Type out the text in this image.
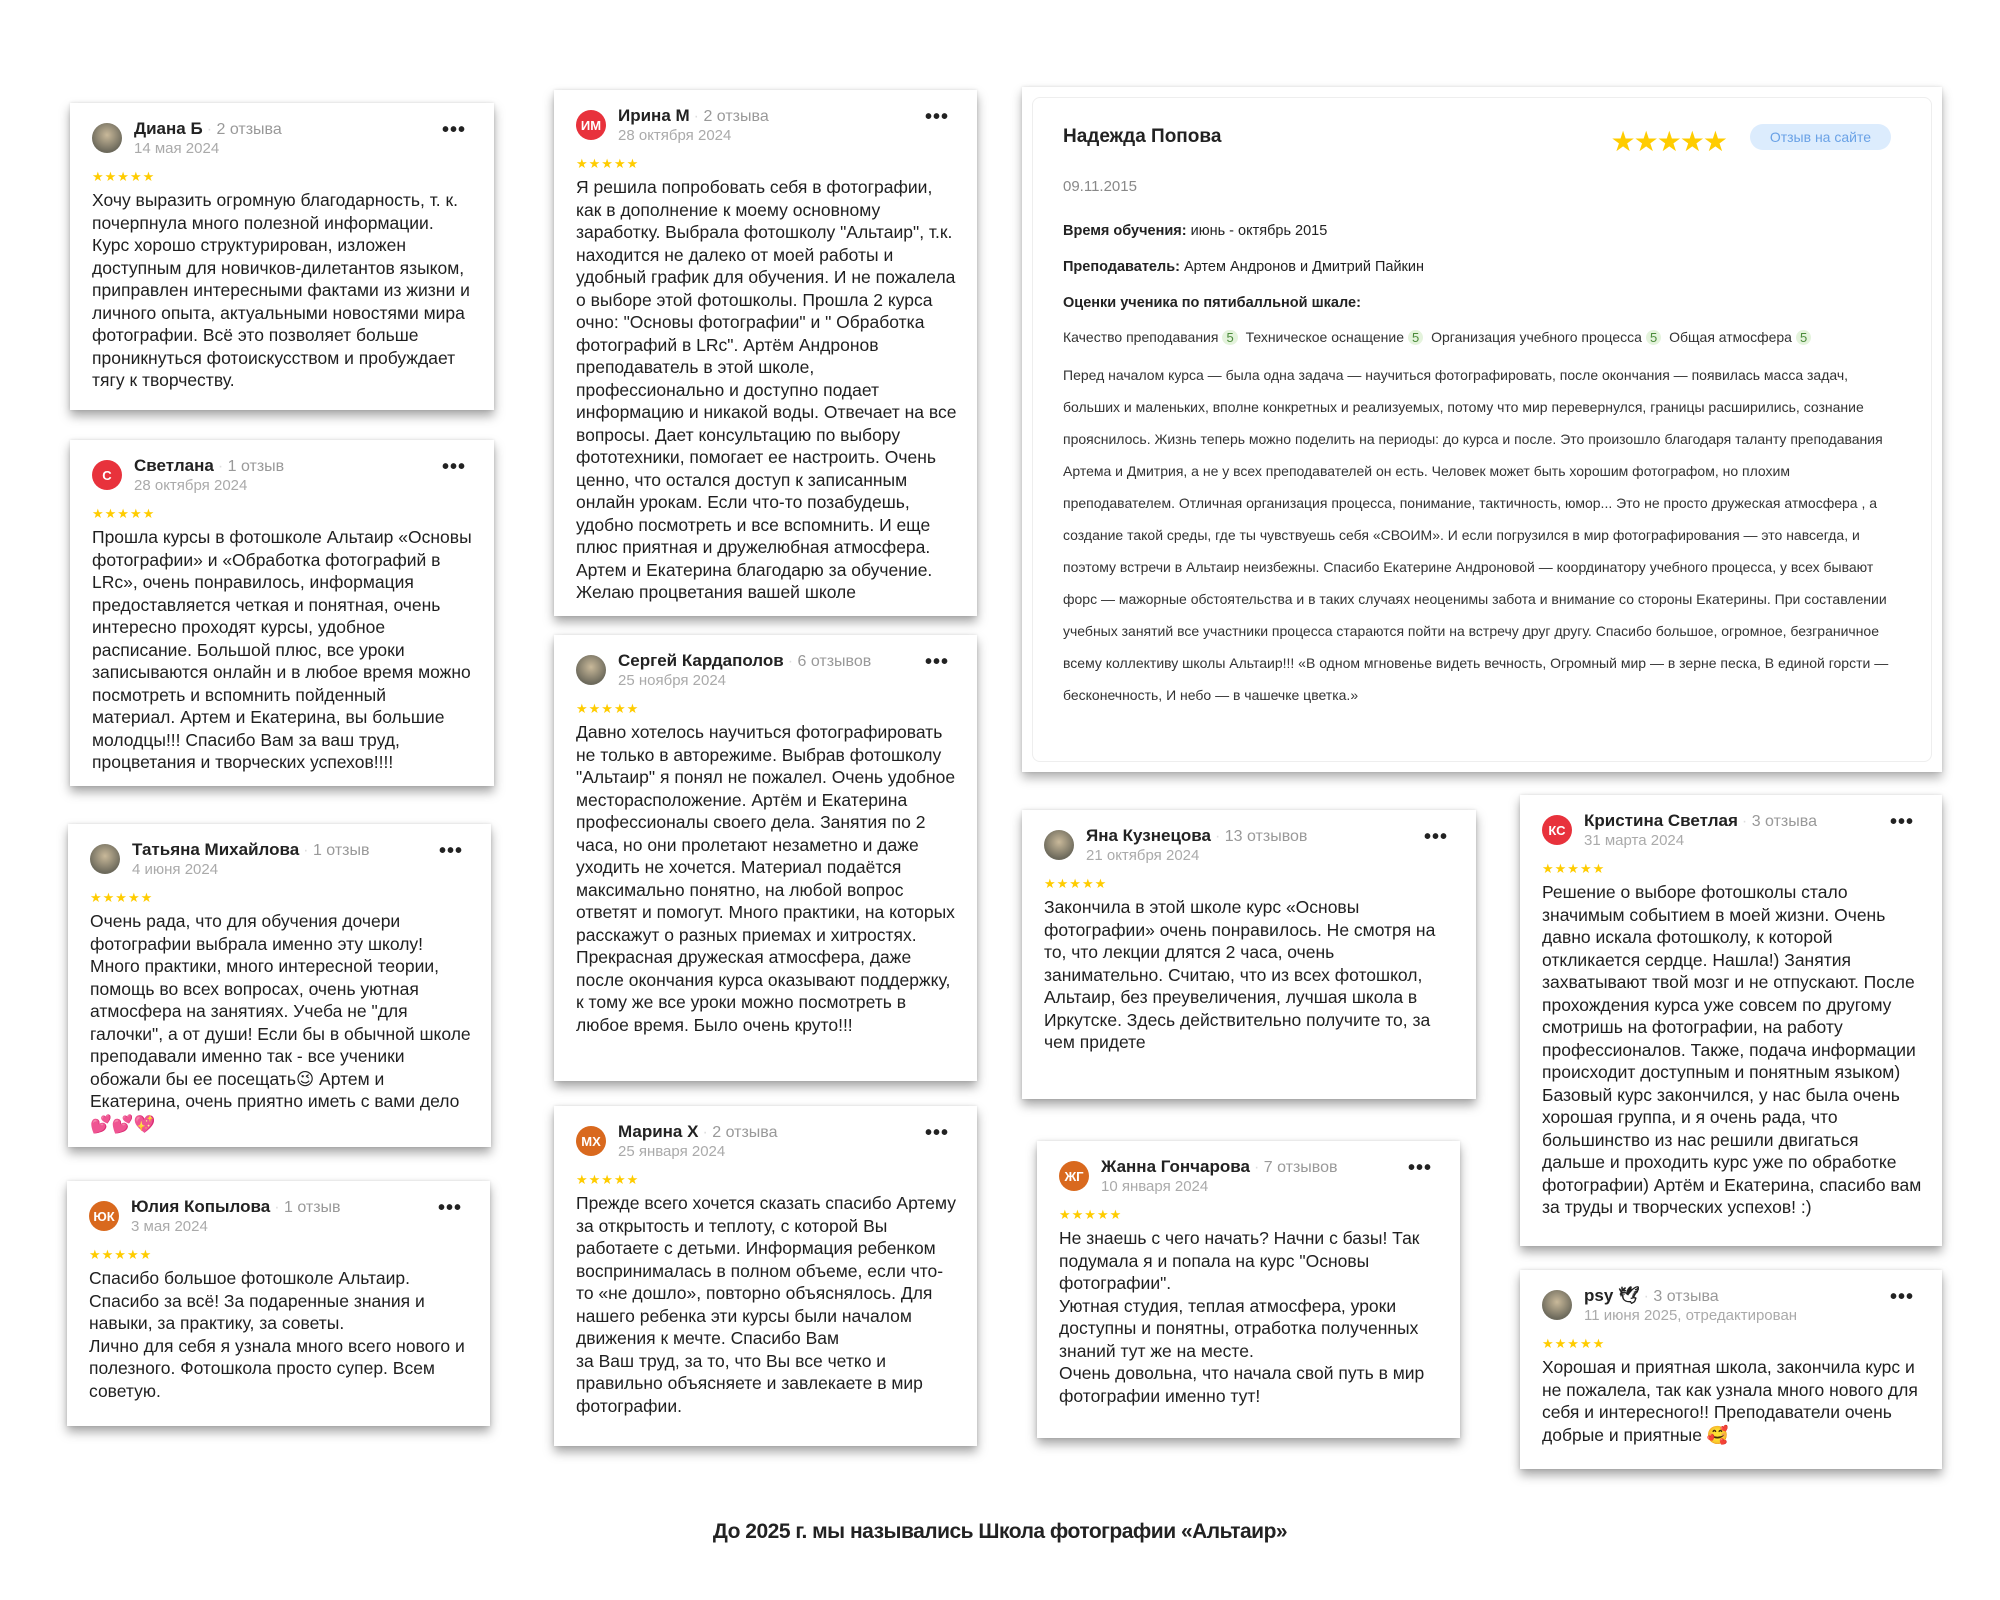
Диана Б · 2 отзыва
14 мая 2024
•••
★★★★★
Хочу выразить огромную благодарность, т. к. почерпнула много полезной информации. Курс хорошо структурирован, изложен доступным для новичков-дилетантов языком, приправлен интересными фактами из жизни и личного опыта, актуальными новостями мира фотографии. Всё это позволяет больше проникнуться фотоискусством и пробуждает тягу к творчеству.
С	Светлана · 1 отзыв
28 октября 2024
•••
★★★★★
Прошла курсы в фотошколе Альтаир «Основы фотографии» и «Обработка фотографий в LRc», очень понравилось, информация предоставляется четкая и понятная, очень интересно проходят курсы, удобное расписание. Большой плюс, все уроки записываются онлайн и в любое время можно посмотреть и вспомнить пойденный материал. Артем и Екатерина, вы большие молодцы!!! Спасибо Вам за ваш труд, процветания и творческих успехов!!!!
Татьяна Михайлова · 1 отзыв
4 июня 2024
•••
★★★★★
Очень рада, что для обучения дочери фотографии выбрала именно эту школу! Много практики, много интересной теории, помощь во всех вопросах, очень уютная атмосфера на занятиях. Учеба не "для галочки", а от души! Если бы в обычной школе преподавали именно так - все ученики обожали бы ее посещать😉 Артем и Екатерина, очень приятно иметь с вами дело💕💕💖
ЮК Юлия Копылова · 1 отзыв
3 мая 2024
•••
★★★★★
Спасибо большое фотошколе Альтаир.
Спасибо за всё! За подаренные знания и навыки, за практику, за советы.
Лично для себя я узнала много всего нового и полезного. Фотошкола просто супер. Всем советую.
ИМ Ирина М · 2 отзыва
28 октября 2024
•••
★★★★★
Я решила попробовать себя в фотографии, как в дополнение к моему основному заработку. Выбрала фотошколу "Альтаир", т.к. находится не далеко от моей работы и удобный график для обучения. И не пожалела о выборе этой фотошколы. Прошла 2 курса очно: "Основы фотографии" и " Обработка фотографий в LRc". Артём Андронов преподаватель в этой школе, профессионально и доступно подает информацию и никакой воды. Отвечает на все вопросы. Дает консультацию по выбору фототехники, помогает ее настроить. Очень ценно, что остался доступ к записанным онлайн урокам. Если что-то позабудешь, удобно посмотреть и все вспомнить. И еще плюс приятная и дружелюбная атмосфера. Артем и Екатерина благодарю за обучение. Желаю процветания вашей школе
Сергей Кардаполов · 6 отзывов
25 ноября 2024
•••
★★★★★
Давно хотелось научиться фотографировать не только в авторежиме. Выбрав фотошколу "Альтаир" я понял не пожалел. Очень удобное месторасположение. Артём и Екатерина профессионалы своего дела. Занятия по 2 часа, но они пролетают незаметно и даже уходить не хочется. Материал подаётся максимально понятно, на любой вопрос ответят и помогут. Много практики, на которых расскажут о разных приемах и хитростях. Прекрасная дружеская атмосфера, даже после окончания курса оказывают поддержку, к тому же все уроки можно посмотреть в любое время. Было очень круто!!!
МХ	Марина Х · 2 отзыва
25 января 2024
•••
★★★★★
Прежде всего хочется сказать спасибо Артему за открытость и теплоту, с которой Вы работаете с детьми. Информация ребенком воспринималась в полном объеме, если что-то «не дошло», повторно объяснялось. Для нашего ребенка эти курсы были началом движения к мечте. Спасибо Вам
за Ваш труд, за то, что Вы все четко и правильно объясняете и завлекаете в мир фотографии.
Яна Кузнецова · 13 отзывов
21 октября 2024
•••
★★★★★
Закончила в этой школе курс «Основы фотографии» очень понравилось. Не смотря на то, что лекции длятся 2 часа, очень занимательно. Считаю, что из всех фотошкол, Альтаир, без преувеличения, лучшая школа в Иркутске. Здесь действительно получите то, за чем придете
ЖГ	Жанна Гончарова · 7 отзывов
10 января 2024
•••
★★★★★
Не знаешь с чего начать? Начни с базы! Так подумала я и попала на курс "Основы фотографии".
Уютная студия, теплая атмосфера, уроки доступны и понятны, отработка полученных знаний тут же на месте.
Очень довольна, что начала свой путь в мир фотографии именно тут!
КС	Кристина Светлая · 3 отзыва
31 марта 2024
•••
★★★★★
Решение о выборе фотошколы стало значимым событием в моей жизни. Очень давно искала фотошколу, к которой откликается сердце. Нашла!) Занятия захватывают твой мозг и не отпускают. После прохождения курса уже совсем по другому смотришь на фотографии, на работу профессионалов. Также, подача информации происходит доступным и понятным языком) Базовый курс закончился, у нас была очень хорошая группа, и я очень рада, что большинство из нас решили двигаться дальше и проходить курс уже по обработке фотографии) Артём и Екатерина, спасибо вам за труды и творческих успехов! :)
psy 🕊 · 3 отзыва
11 июня 2025, отредактирован
•••
★★★★★
Хорошая и приятная школа, закончила курс и не пожалела, так как узнала много нового для себя и интересного!! Преподаватели очень добрые и приятные 🥰
Надежда Попова	★★★★★	Отзыв на сайте
09.11.2015
Время обучения: июнь - октябрь 2015
Преподаватель: Артем Андронов и Дмитрий Пайкин
Оценки ученика по пятибалльной шкале:
Качество преподавания 5 Техническое оснащение 5 Организация учебного процесса 5 Общая атмосфера 5
Перед началом курса — была одна задача — научиться фотографировать, после окончания — появилась масса задач, больших и маленьких, вполне конкретных и реализуемых, потому что мир перевернулся, границы расширились, сознание прояснилось. Жизнь теперь можно поделить на периоды: до курса и после. Это произошло благодаря таланту преподавания Артема и Дмитрия, а не у всех преподавателей он есть. Человек может быть хорошим фотографом, но плохим преподавателем. Отличная организация процесса, понимание, тактичность, юмор... Это не просто дружеская атмосфера , а создание такой среды, где ты чувствуешь себя «СВОИМ». И если погрузился в мир фотографирования — это навсегда, и поэтому встречи в Альтаир неизбежны. Спасибо Екатерине Андроновой — координатору учебного процесса, у всех бывают форс — мажорные обстоятельства и в таких случаях неоценимы забота и внимание со стороны Екатерины. При составлении учебных занятий все участники процесса стараются пойти на встречу друг другу. Спасибо большое, огромное, безграничное всему коллективу школы Альтаир!!! «В одном мгновенье видеть вечность, Огромный мир — в зерне песка, В единой горсти — бесконечность, И небо — в чашечке цветка.»
До 2025 г. мы назывались Школа фотографии «Альтаир»
